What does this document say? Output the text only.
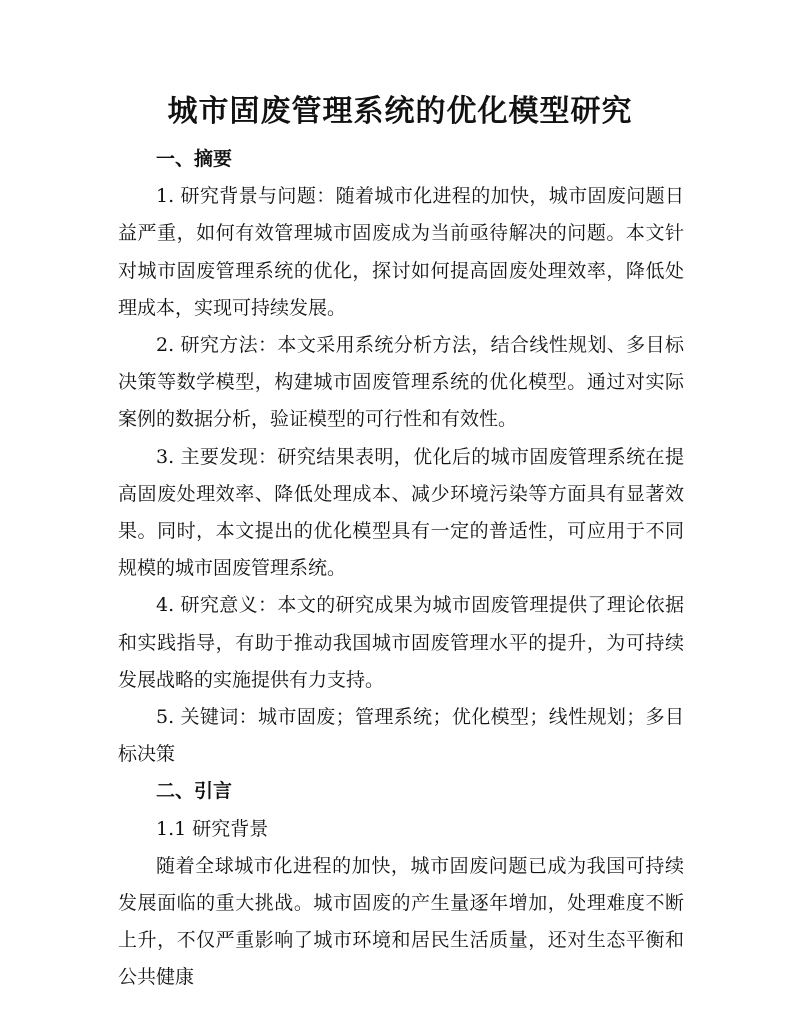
城市固废管理系统的优化模型研究

一、摘要

1. 研究背景与问题：随着城市化进程的加快，城市固废问题日益严重，如何有效管理城市固废成为当前亟待解决的问题。本文针对城市固废管理系统的优化，探讨如何提高固废处理效率，降低处理成本，实现可持续发展。

2. 研究方法：本文采用系统分析方法，结合线性规划、多目标决策等数学模型，构建城市固废管理系统的优化模型。通过对实际案例的数据分析，验证模型的可行性和有效性。

3. 主要发现：研究结果表明，优化后的城市固废管理系统在提高固废处理效率、降低处理成本、减少环境污染等方面具有显著效果。同时，本文提出的优化模型具有一定的普适性，可应用于不同规模的城市固废管理系统。

4. 研究意义：本文的研究成果为城市固废管理提供了理论依据和实践指导，有助于推动我国城市固废管理水平的提升，为可持续发展战略的实施提供有力支持。

5. 关键词：城市固废；管理系统；优化模型；线性规划；多目标决策

二、引言

1.1 研究背景

随着全球城市化进程的加快，城市固废问题已成为我国可持续发展面临的重大挑战。城市固废的产生量逐年增加，处理难度不断上升，不仅严重影响了城市环境和居民生活质量，还对生态平衡和公共健康
